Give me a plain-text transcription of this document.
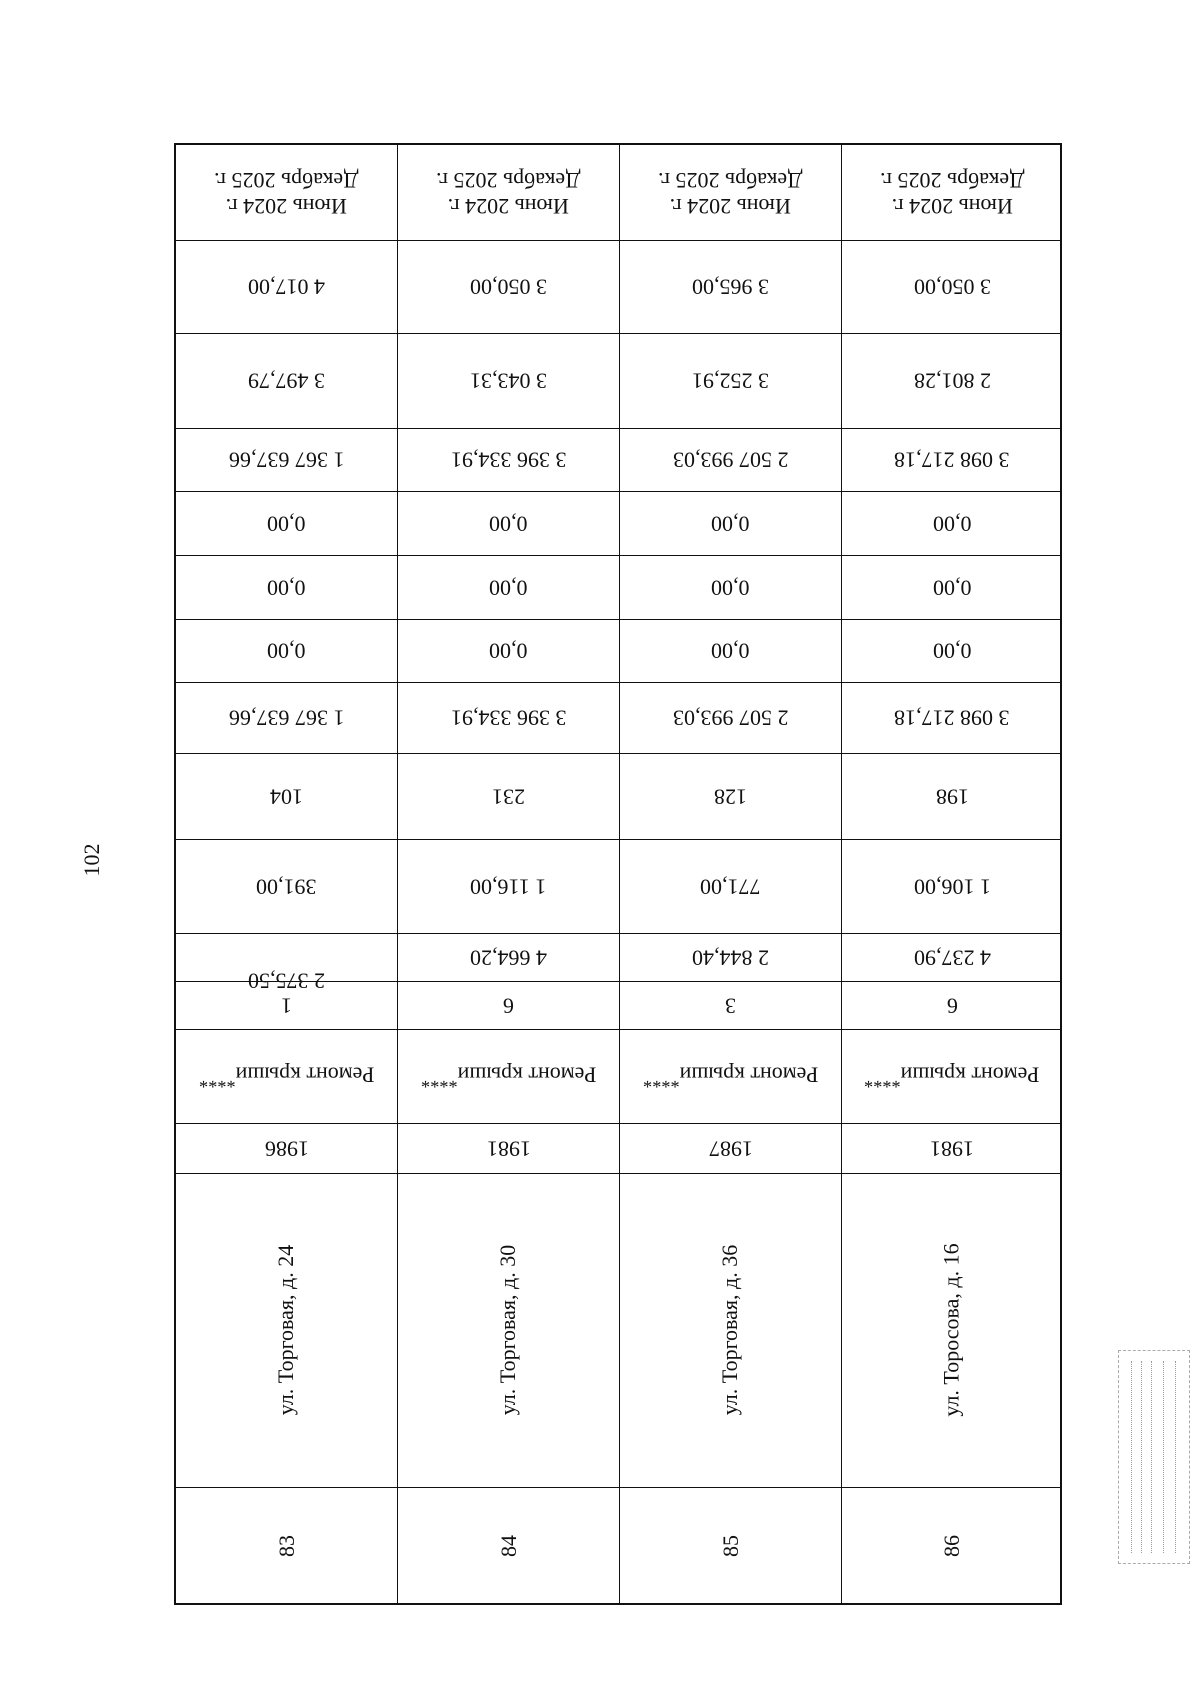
102
Июнь 2024 г.
Декабрь 2025 г.
4 017,00
3 497,79
1 367 637,66
0,00
0,00
0,00
1 367 637,66
104
391,00
2 375,50
1
Ремонт крыши****
1986
ул. Торговая, д. 24
83
Июнь 2024 г.
Декабрь 2025 г.
3 050,00
3 043,31
3 396 334,91
0,00
0,00
0,00
3 396 334,91
231
1 116,00
4 664,20
6
Ремонт крыши****
1981
ул. Торговая, д. 30
84
Июнь 2024 г.
Декабрь 2025 г.
3 965,00
3 252,91
2 507 993,03
0,00
0,00
0,00
2 507 993,03
128
771,00
2 844,40
3
Ремонт крыши****
1987
ул. Торговая, д. 36
85
Июнь 2024 г.
Декабрь 2025 г.
3 050,00
2 801,28
3 098 217,18
0,00
0,00
0,00
3 098 217,18
198
1 106,00
4 237,90
6
Ремонт крыши****
1981
ул. Торосова, д. 16
86
